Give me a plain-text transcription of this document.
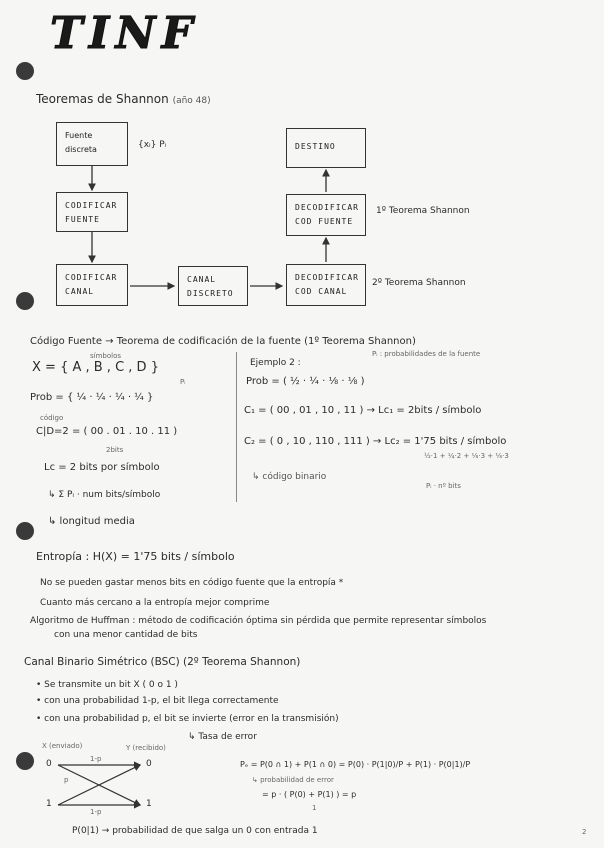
TINF
Teoremas de Shannon (año 48)
Fuente
discreta	{xᵢ} Pᵢ
CODIFICAR
FUENTE
CODIFICAR
CANAL
CANAL
DISCRETO
DECODIFICAR
COD CANAL
DECODIFICAR
COD FUENTE
DESTINO
1º Teorema Shannon
2º Teorema Shannon
Código Fuente → Teorema de codificación de la fuente (1º Teorema Shannon)
símbolos
X = { A , B , C , D }
Pᵢ
Prob = { ¼ · ¼ · ¼ · ¼ }
código
C|D=2 = ( 00 . 01 . 10 . 11 )
2bits
Lc = 2 bits por símbolo
↳ Σ Pᵢ · num bits/símbolo
↳ longitud media
Ejemplo 2 :
Pᵢ : probabilidades de la fuente
Prob = ( ½ · ¼ · ⅛ · ⅛ )
C₁ = ( 00 , 01 , 10 , 11 ) → Lc₁ = 2bits / símbolo
C₂ = ( 0 , 10 , 110 , 111 ) → Lc₂ = 1'75 bits / símbolo
½·1 + ¼·2 + ⅛·3 + ⅛·3
Pᵢ · nº bits
↳ código binario
Entropía : H(X) = 1'75 bits / símbolo
No se pueden gastar menos bits en código fuente que la entropía *
Cuanto más cercano a la entropía mejor comprime
Algoritmo de Huffman : método de codificación óptima sin pérdida que permite representar símbolos
con una menor cantidad de bits
Canal Binario Simétrico (BSC) (2º Teorema Shannon)
• Se transmite un bit X ( 0 o 1 )
• con una probabilidad 1-p, el bit llega correctamente
• con una probabilidad p, el bit se invierte (error en la transmisión)
↳ Tasa de error
X (enviado)	Y (recibido)
0
1
0
1
1-p
1-p
p
Pₑ = P(0 ∩ 1) + P(1 ∩ 0) = P(0) · P(1|0)/P + P(1) · P(0|1)/P
↳ probabilidad de error
= p · ( P(0) + P(1) ) = p
1
P(0|1) → probabilidad de que salga un 0 con entrada 1	2
